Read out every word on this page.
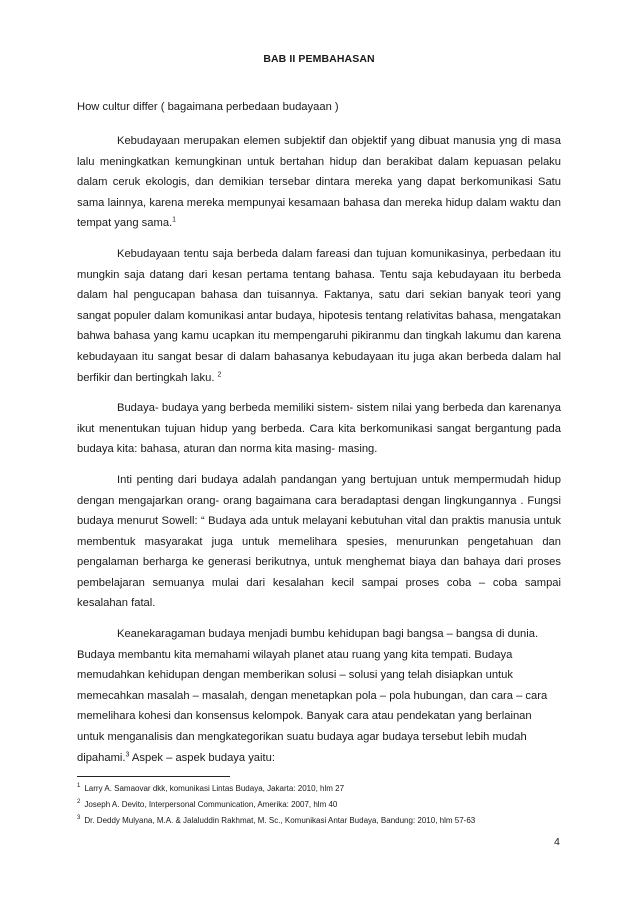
BAB II PEMBAHASAN
How cultur differ ( bagaimana perbedaan budayaan )

Kebudayaan merupakan elemen subjektif dan objektif yang dibuat manusia yng di masa lalu meningkatkan kemungkinan untuk bertahan hidup dan berakibat dalam kepuasan pelaku dalam ceruk ekologis, dan demikian tersebar dintara mereka yang dapat berkomunikasi Satu sama lainnya, karena mereka mempunyai kesamaan bahasa dan mereka hidup dalam waktu dan tempat yang sama.$^1$

Kebudayaan tentu saja berbeda dalam fareasi dan tujuan komunikasinya, perbedaan itu mungkin saja datang dari kesan pertama tentang bahasa. Tentu saja kebudayaan itu berbeda dalam hal pengucapan bahasa dan tuisannya. Faktanya, satu dari sekian banyak teori yang sangat populer dalam komunikasi antar budaya, hipotesis tentang relativitas bahasa, mengatakan bahwa bahasa yang kamu ucapkan itu mempengaruhi pikiranmu dan tingkah lakumu dan karena kebudayaan itu sangat besar di dalam bahasanya kebudayaan itu juga akan berbeda dalam hal berfikir dan bertingkah laku. $^2$

Budaya- budaya yang berbeda memiliki sistem- sistem nilai yang berbeda dan karenanya ikut menentukan tujuan hidup yang berbeda. Cara kita berkomunikasi sangat bergantung pada budaya kita: bahasa, aturan dan norma kita masing- masing.

Inti penting dari budaya adalah pandangan yang bertujuan untuk mempermudah hidup dengan mengajarkan orang- orang bagaimana cara beradaptasi dengan lingkungannya . Fungsi budaya menurut Sowell: “ Budaya ada untuk melayani kebutuhan vital dan praktis manusia untuk membentuk masyarakat juga untuk memelihara spesies, menurunkan pengetahuan dan pengalaman berharga ke generasi berikutnya, untuk menghemat biaya dan bahaya dari proses pembelajaran semuanya mulai dari kesalahan kecil sampai proses coba – coba sampai kesalahan fatal.

Keanekaragaman budaya menjadi bumbu kehidupan bagi bangsa – bangsa di dunia. Budaya membantu kita memahami wilayah planet atau ruang yang kita tempati. Budaya memudahkan kehidupan dengan memberikan solusi – solusi yang telah disiapkan untuk memecahkan masalah – masalah, dengan menetapkan pola – pola hubungan, dan cara – cara memelihara kohesi dan konsensus kelompok. Banyak cara atau pendekatan yang berlainan untuk menganalisis dan mengkategorikan suatu budaya agar budaya tersebut lebih mudah dipahami.$^3$ Aspek – aspek budaya yaitu:

$^1$ Larry A. Samaovar dkk, komunikasi Lintas Budaya, Jakarta: 2010, hlm 27
$^2$ Joseph A. Devito, Interpersonal Communication, Amerika: 2007, hlm 40
$^3$ Dr. Deddy Mulyana, M.A. & Jalaluddin Rakhmat, M. Sc., Komunikasi Antar Budaya, Bandung: 2010, hlm 57-63
4
